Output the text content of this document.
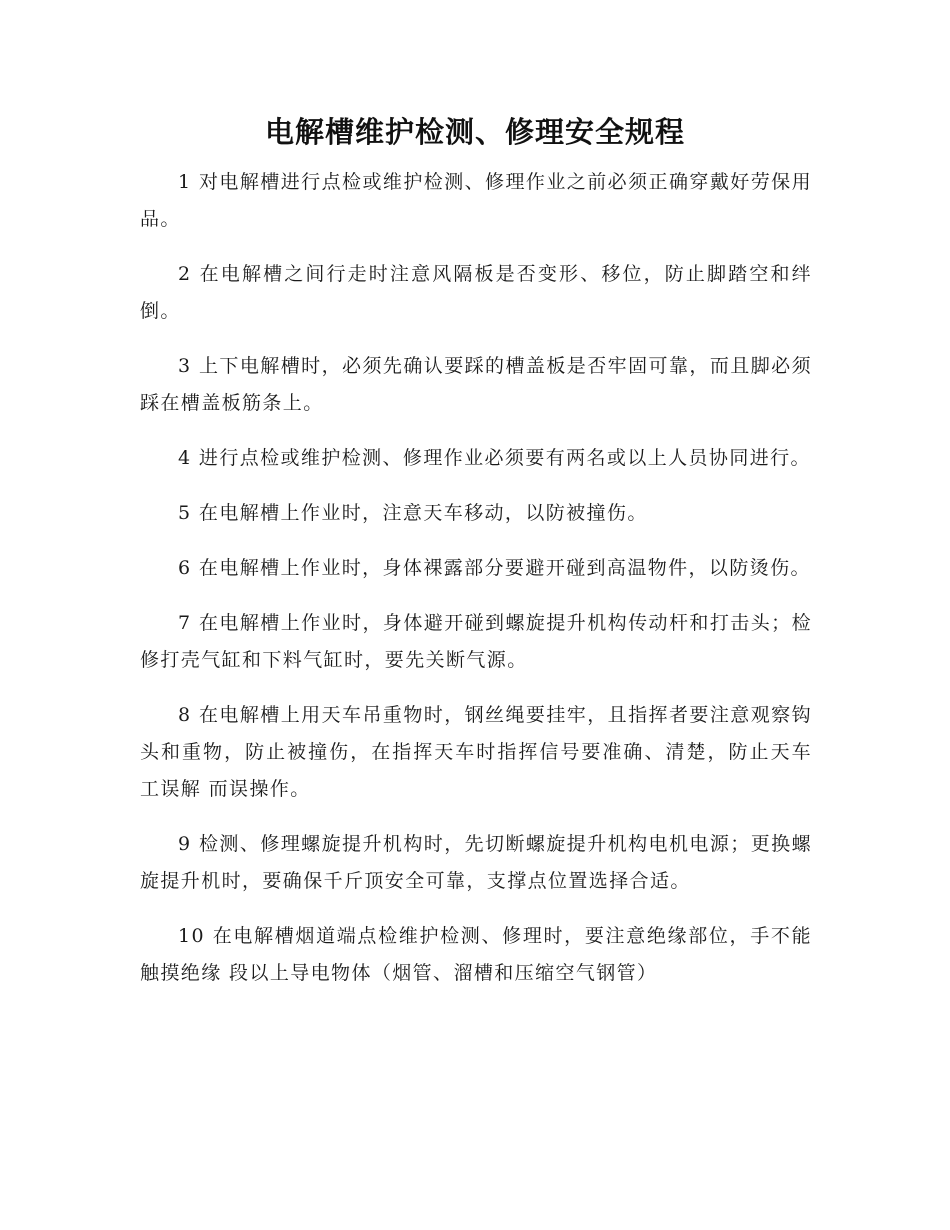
电解槽维护检测、修理安全规程

1 对电解槽进行点检或维护检测、修理作业之前必须正确穿戴好劳保用品。

2 在电解槽之间行走时注意风隔板是否变形、移位，防止脚踏空和绊倒。

3 上下电解槽时，必须先确认要踩的槽盖板是否牢固可靠，而且脚必须 踩在槽盖板筋条上。

4 进行点检或维护检测、修理作业必须要有两名或以上人员协同进行。

5 在电解槽上作业时，注意天车移动，以防被撞伤。

6 在电解槽上作业时，身体裸露部分要避开碰到高温物件，以防烫伤。

7 在电解槽上作业时，身体避开碰到螺旋提升机构传动杆和打击头；检 修打壳气缸和下料气缸时，要先关断气源。

8 在电解槽上用天车吊重物时，钢丝绳要挂牢，且指挥者要注意观察钩 头和重物，防止被撞伤，在指挥天车时指挥信号要准确、清楚，防止天车工误解 而误操作。

9 检测、修理螺旋提升机构时，先切断螺旋提升机构电机电源；更换螺旋提升机时，要确保千斤顶安全可靠，支撑点位置选择合适。

10 在电解槽烟道端点检维护检测、修理时，要注意绝缘部位，手不能触摸绝缘 段以上导电物体（烟管、溜槽和压缩空气钢管）
